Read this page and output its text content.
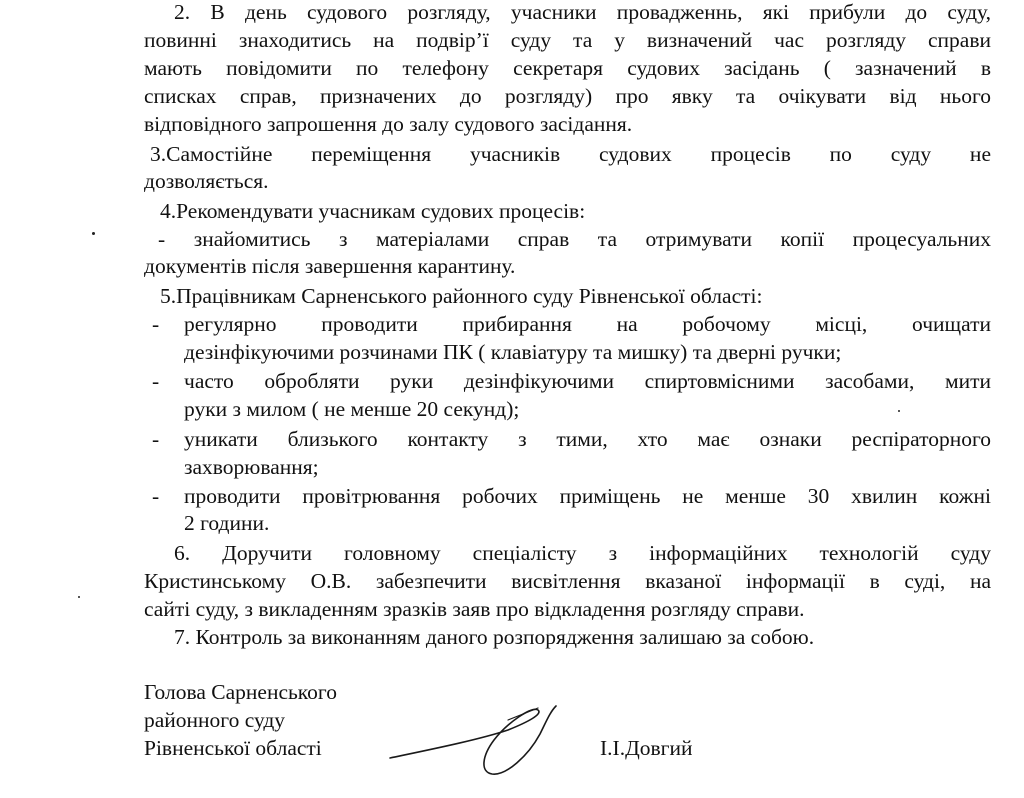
2. В день судового розгляду, учасники провадженнь, які прибули до суду,

повинні знаходитись на подвір’ї суду та у визначений час розгляду справи

мають повідомити по телефону секретаря судових засідань ( зазначений в

списках справ, призначених до розгляду) про явку та очікувати від нього

відповідного запрошення до залу судового засідання.

3.Самостійне переміщення учасників судових процесів по суду не

дозволяється.

4.Рекомендувати учасникам судових процесів:

- знайомитись з матеріалами справ та отримувати копії процесуальних

документів після завершення карантину.

5.Працівникам Сарненського районного суду Рівненської області:

- регулярно проводити прибирання на робочому місці, очищати

дезінфікуючими розчинами ПК ( клавіатуру та мишку) та дверні ручки;

- часто обробляти руки дезінфікуючими спиртовмісними засобами, мити

руки з милом ( не менше 20 секунд);

- уникати близького контакту з тими, хто має ознаки респіраторного

захворювання;

- проводити провітрювання робочих приміщень не менше 30 хвилин кожні

2 години.

6. Доручити головному спеціалісту з інформаційних технологій суду

Кристинському О.В. забезпечити висвітлення вказаної інформації в суді, на

сайті суду, з викладенням зразків заяв про відкладення розгляду справи.

7. Контроль за виконанням даного розпорядження залишаю за собою.

Голова Сарненського
районного суду
Рівненської області	І.І.Довгий
